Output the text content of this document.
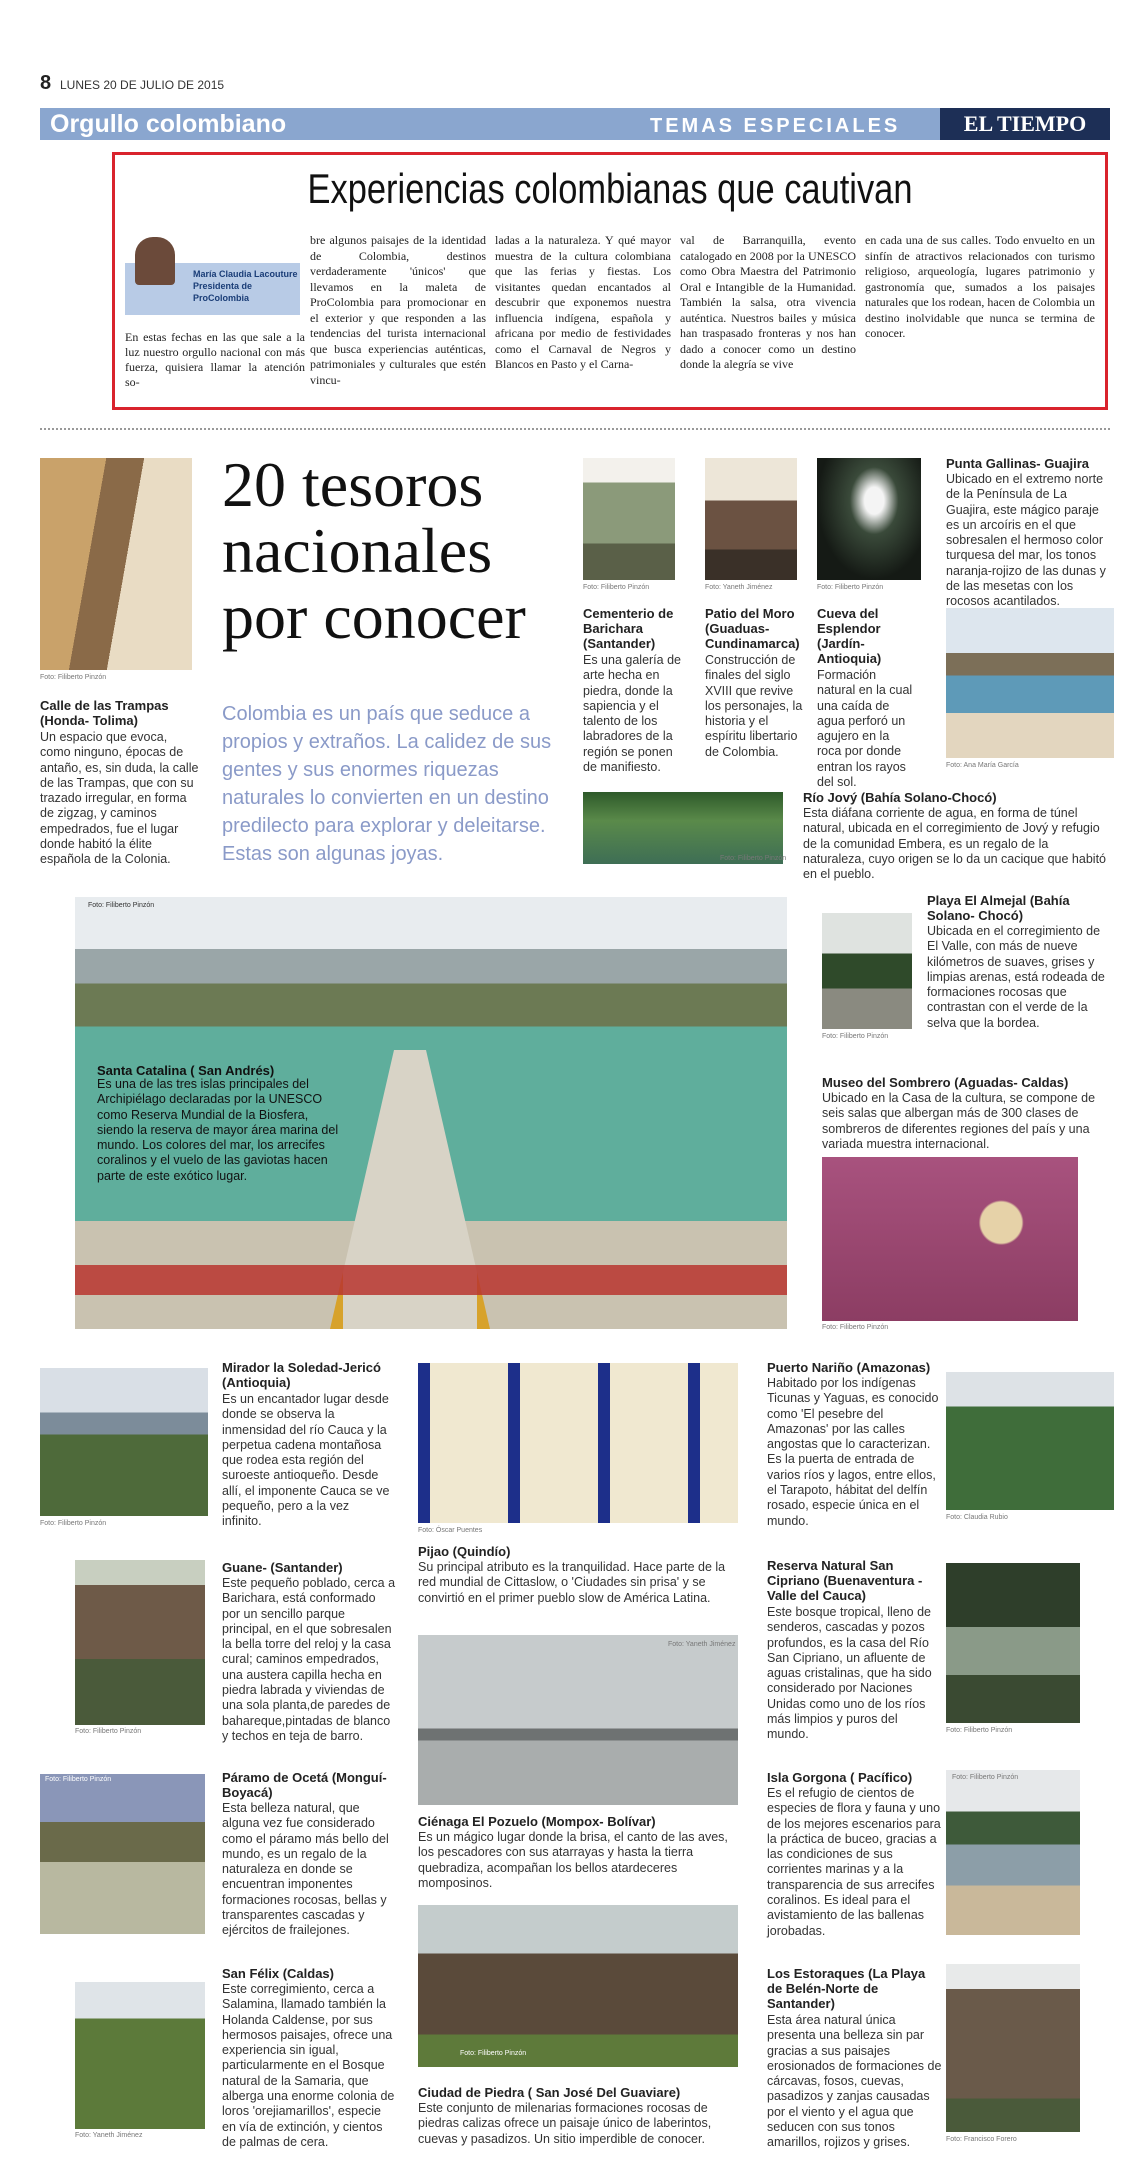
8 LUNES 20 DE JULIO DE 2015
Orgullo colombiano	TEMAS ESPECIALES	EL TIEMPO
Experiencias colombianas que cautivan
María Claudia Lacouture
Presidenta de ProColombia
En estas fechas en las que sale a la luz nuestro orgullo nacional con más fuerza, quisiera llamar la atención so-
bre algunos paisajes de la identidad de Colombia, destinos verdaderamente 'únicos' que llevamos en la maleta de ProColombia para promocionar en el exterior y que responden a las tendencias del turista internacional que busca experiencias auténticas, patrimoniales y culturales que estén vincu-
ladas a la naturaleza. Y qué mayor muestra de la cultura colombiana que las ferias y fiestas. Los visitantes quedan encantados al descubrir que exponemos nuestra influencia indígena, española y africana por medio de festividades como el Carnaval de Negros y Blancos en Pasto y el Carna-
val de Barranquilla, evento catalogado en 2008 por la UNESCO como Obra Maestra del Patrimonio Oral e Intangible de la Humanidad. También la salsa, otra vivencia auténtica. Nuestros bailes y música han traspasado fronteras y nos han dado a conocer como un destino donde la alegría se vive
en cada una de sus calles. Todo envuelto en un sinfín de atractivos relacionados con turismo religioso, arqueología, lugares patrimonio y gastronomía que, sumados a los paisajes naturales que los rodean, hacen de Colombia un destino inolvidable que nunca se termina de conocer.
20 tesoros
nacionales
por conocer
Colombia es un país que seduce a propios y extraños. La calidez de sus gentes y sus enormes riquezas naturales lo convierten en un destino predilecto para explorar y deleitarse. Estas son algunas joyas.
Foto: Filiberto Pinzón
Calle de las Trampas (Honda- Tolima)
Un espacio que evoca, como ninguno, épocas de antaño, es, sin duda, la calle de las Trampas, que con su trazado irregular, en forma de zigzag, y caminos empedrados, fue el lugar donde habitó la élite española de la Colonia.
Foto: Filiberto Pinzón
Cementerio de Barichara (Santander)
Es una galería de arte hecha en piedra, donde la sapiencia y el talento de los labradores de la región se ponen de manifiesto.
Foto: Yaneth Jiménez
Patio del Moro (Guaduas- Cundinamarca)
Construcción de finales del siglo XVIII que revive los personajes, la historia y el espíritu libertario de Colombia.
Foto: Filiberto Pinzón
Cueva del Esplendor (Jardín- Antioquia)
Formación natural en la cual una caída de agua perforó un agujero en la roca por donde entran los rayos del sol.
Punta Gallinas- Guajira
Ubicado en el extremo norte de la Península de La Guajira, este mágico paraje es un arcoíris en el que sobresalen el hermoso color turquesa del mar, los tonos naranja-rojizo de las dunas y de las mesetas con los rocosos acantilados.
Foto: Ana María García
Foto: Filiberto Pinzón
Río Jový (Bahía Solano-Chocó)
Esta diáfana corriente de agua, en forma de túnel natural, ubicada en el corregimiento de Jový y refugio de la comunidad Embera, es un regalo de la naturaleza, cuyo origen se lo da un cacique que habitó en el pueblo.
Foto: Filiberto Pinzón
Santa Catalina ( San Andrés)
Es una de las tres islas principales del Archipiélago declaradas por la UNESCO como Reserva Mundial de la Biosfera, siendo la reserva de mayor área marina del mundo. Los colores del mar, los arrecifes coralinos y el vuelo de las gaviotas hacen parte de este exótico lugar.
Foto: Filiberto Pinzón
Playa El Almejal (Bahía Solano- Chocó)
Ubicada en el corregimiento de El Valle, con más de nueve kilómetros de suaves, grises y limpias arenas, está rodeada de formaciones rocosas que contrastan con el verde de la selva que la bordea.
Museo del Sombrero (Aguadas- Caldas)
Ubicado en la Casa de la cultura, se compone de seis salas que albergan más de 300 clases de sombreros de diferentes regiones del país y una variada muestra internacional.
Foto: Filiberto Pinzón
Foto: Filiberto Pinzón
Mirador la Soledad-Jericó (Antioquia)
Es un encantador lugar desde donde se observa la inmensidad del río Cauca y la perpetua cadena montañosa que rodea esta región del suroeste antioqueño. Desde allí, el imponente Cauca se ve pequeño, pero a la vez infinito.
Foto: Óscar Puentes
Pijao (Quindío)
Su principal atributo es la tranquilidad. Hace parte de la red mundial de Cittaslow, o 'Ciudades sin prisa' y se convirtió en el primer pueblo slow de América Latina.
Puerto Nariño (Amazonas)
Habitado por los indígenas Ticunas y Yaguas, es conocido como 'El pesebre del Amazonas' por las calles angostas que lo caracterizan. Es la puerta de entrada de varios ríos y lagos, entre ellos, el Tarapoto, hábitat del delfín rosado, especie única en el mundo.	Foto: Claudia Rubio
Foto: Filiberto Pinzón
Guane- (Santander)
Este pequeño poblado, cerca a Barichara, está conformado por un sencillo parque principal, en el que sobresalen la bella torre del reloj y la casa cural; caminos empedrados, una austera capilla hecha en piedra labrada y viviendas de una sola planta,de paredes de bahareque,pintadas de blanco y techos en teja de barro.
Foto: Yaneth Jiménez
Ciénaga El Pozuelo (Mompox- Bolívar)
Es un mágico lugar donde la brisa, el canto de las aves, los pescadores con sus atarrayas y hasta la tierra quebradiza, acompañan los bellos atardeceres momposinos.
Reserva Natural San Cipriano (Buenaventura - Valle del Cauca)
Este bosque tropical, lleno de senderos, cascadas y pozos profundos, es la casa del Río San Cipriano, un afluente de aguas cristalinas, que ha sido considerado por Naciones Unidas como uno de los ríos más limpios y puros del mundo.	Foto: Filiberto Pinzón
Foto: Filiberto Pinzón	Páramo de Ocetá (Monguí- Boyacá)
Esta belleza natural, que alguna vez fue considerado como el páramo más bello del mundo, es un regalo de la naturaleza en donde se encuentran imponentes formaciones rocosas, bellas y transparentes cascadas y ejércitos de frailejones.
Isla Gorgona ( Pacífico)
Es el refugio de cientos de especies de flora y fauna y uno de los mejores escenarios para la práctica de buceo, gracias a las condiciones de sus corrientes marinas y a la transparencia de sus arrecifes coralinos. Es ideal para el avistamiento de las ballenas jorobadas.
Foto: Filiberto Pinzón
Foto: Yaneth Jiménez
San Félix (Caldas)
Este corregimiento, cerca a Salamina, llamado también la Holanda Caldense, por sus hermosos paisajes, ofrece una experiencia sin igual, particularmente en el Bosque natural de la Samaria, que alberga una enorme colonia de loros 'orejiamarillos', especie en vía de extinción, y cientos de palmas de cera.
Foto: Filiberto Pinzón
Ciudad de Piedra ( San José Del Guaviare)
Este conjunto de milenarias formaciones rocosas de piedras calizas ofrece un paisaje único de laberintos, cuevas y pasadizos. Un sitio imperdible de conocer.
Los Estoraques (La Playa de Belén-Norte de Santander)
Esta área natural única presenta una belleza sin par gracias a sus paisajes erosionados de formaciones de cárcavas, fosos, cuevas, pasadizos y zanjas causadas por el viento y el agua que seducen con sus tonos amarillos, rojizos y grises.	Foto: Francisco Forero
